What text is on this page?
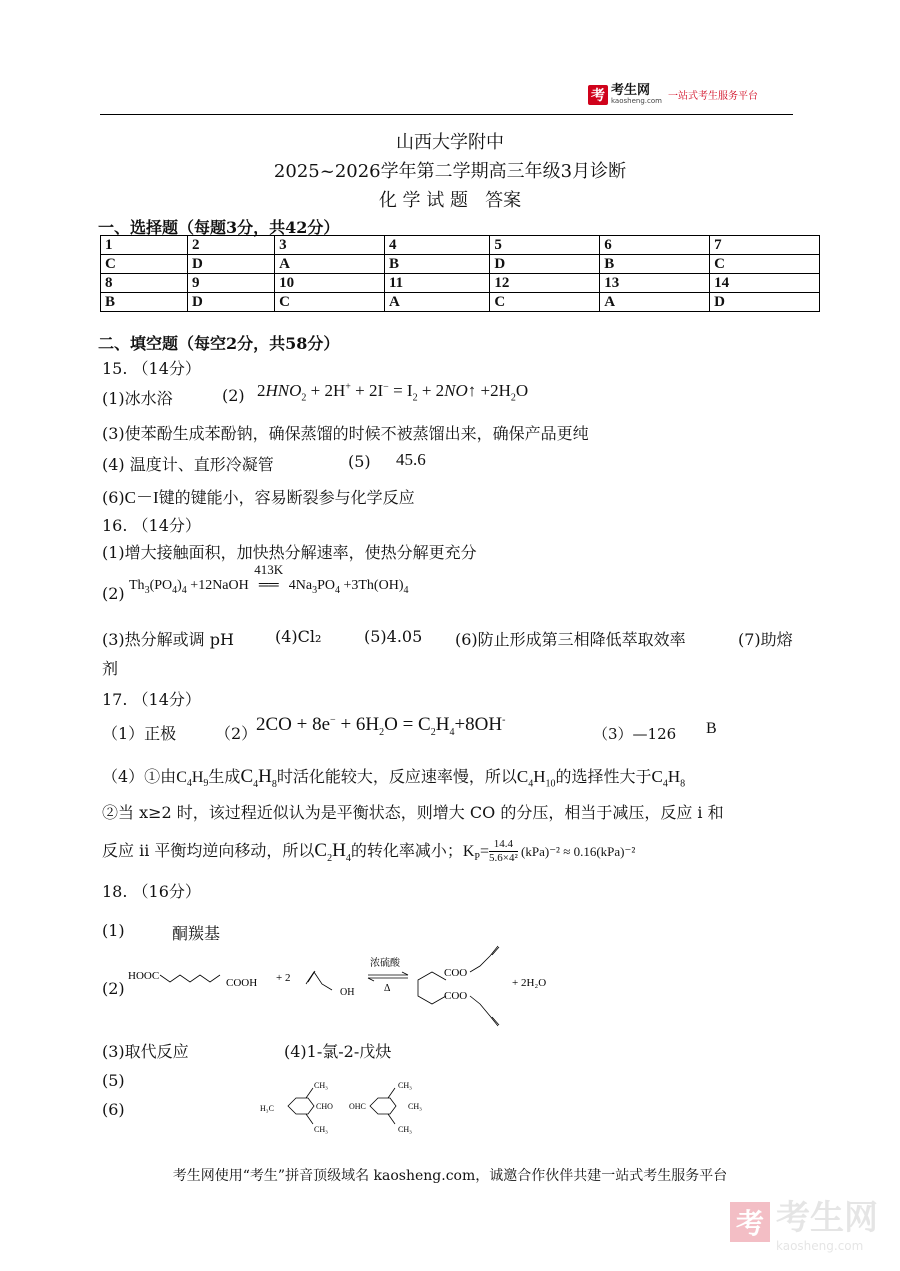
考 考生网
kaosheng.com 一站式考生服务平台
山西大学附中
2025~2026学年第二学期高三年级3月诊断
化 学 试 题   答案
一、选择题（每题3分，共42分）
1	2	3	4	5	6	7
C	D	A	B	D	B	C
8	9	10	11	12	13	14
B	D	C	A	C	A	D
二、填空题（每空2分，共58分）
15. （14分）
(1)冰水浴	(2) $2HNO_2 + 2H^+ + 2I^- = I_2$ + 2NO↑ $+2H_2O$
(3)使苯酚生成苯酚钠，确保蒸馏的时候不被蒸馏出来，确保产品更纯
(4) 温度计、直形冷凝管	(5) 45.6
(6)C－I键的键能小，容易断裂参与化学反应
16. （14分）
(1)增大接触面积，加快热分解速率，使热分解更充分
(2) $Th_3(PO_4)_4$ +12NaOH
413K
══ $4Na_3PO_4 +3Th(OH)_4$
(3)热分解或调 pH	(4)Cl₂	(5)4.05 (6)防止形成第三相降低萃取效率	(7)助熔
剂
17. （14分）
（1）正极 （2）
$2CO + 8e^- + 6H_2O = C_2H_4+8OH^-$
（3）—126 B
（4）①由$C_4H_9$生成$C_4H_8$时活化能较大，反应速率慢，所以$C_4H_{10}$的选择性大于$C_4H_8$
②当 x≥2 时，该过程近似认为是平衡状态，则增大 CO 的分压，相当于减压，反应 i 和
反应 ii 平衡均逆向移动，所以$C_2H_4$的转化率减小；$K_P= \frac{14.4}{\text{5.6×4²}} (kPa)^{-2} \approx 0.16(kPa)^{-2}$
18. （16分）
(1)	酮羰基
(2)
HOOC
COOH + 2
OH
浓硫酸
Δ
COO
COO
+ 2H₂O
(3)取代反应	(4)1-氯-2-戊炔
(5)
(6)	H₃C
CH₃
CH₃
CHO OHC
CH₃
CH₃
CH₃
考生网使用“考生”拼音顶级域名 kaosheng.com，诚邀合作伙伴共建一站式考生服务平台
考 考生网
kaosheng.com
